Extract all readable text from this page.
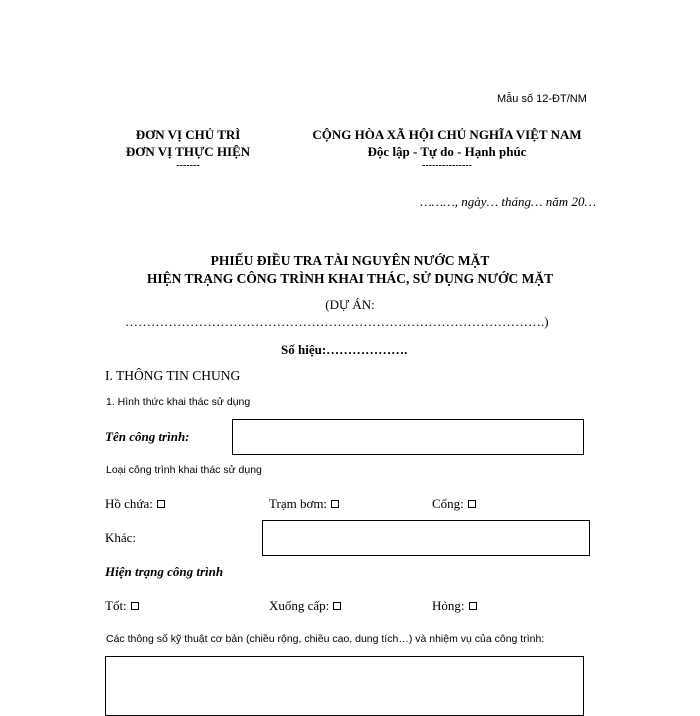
Mẫu số 12-ĐT/NM
ĐƠN VỊ CHỦ TRÌ
ĐƠN VỊ THỰC HIỆN
-------
CỘNG HÒA XÃ HỘI CHỦ NGHĨA VIỆT NAM
Độc lập - Tự do - Hạnh phúc
---------------
………, ngày… tháng… năm 20…
PHIẾU ĐIỀU TRA TÀI NGUYÊN NƯỚC MẶT
HIỆN TRẠNG CÔNG TRÌNH KHAI THÁC, SỬ DỤNG NƯỚC MẶT
(DỰ ÁN:
…………………………………………………………………………………….)
Số hiệu:……………….
I. THÔNG TIN CHUNG
1. Hình thức khai thác sử dụng
Tên công trình:
Loại công trình khai thác sử dụng
Hồ chứa:	Trạm bơm:	Cống:
Khác:
Hiện trạng công trình
Tốt:	Xuống cấp:	Hỏng:
Các thông số kỹ thuật cơ bản (chiều rộng, chiều cao, dung tích…) và nhiệm vụ của công trình:
